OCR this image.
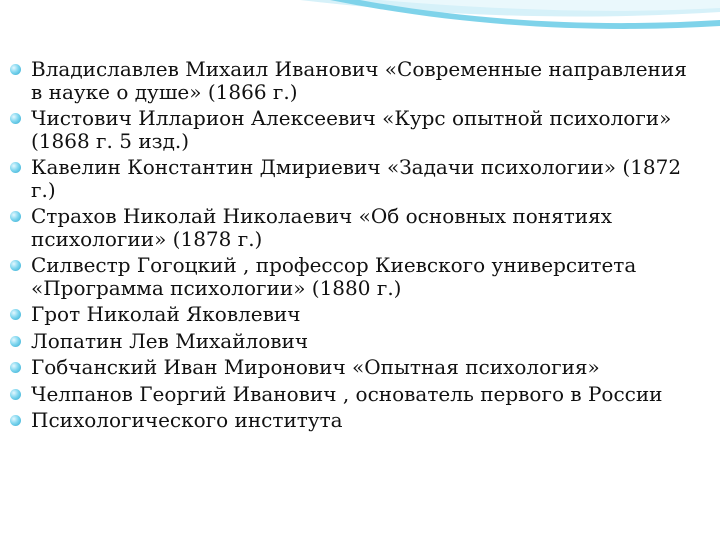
Владиславлев Михаил Иванович «Современные направления в науке о душе» (1866 г.)
Чистович Илларион Алексеевич «Курс опытной психологи» (1868 г. 5 изд.)
Кавелин Константин Дмириевич «Задачи психологии» (1872 г.)
Страхов Николай Николаевич «Об основных понятиях психологии» (1878 г.)
Силвестр Гогоцкий , профессор Киевского университета «Программа психологии» (1880 г.)
Грот Николай Яковлевич
Лопатин Лев Михайлович
Гобчанский Иван Миронович «Опытная психология»
Челпанов Георгий Иванович , основатель первого в России
Психологического института
